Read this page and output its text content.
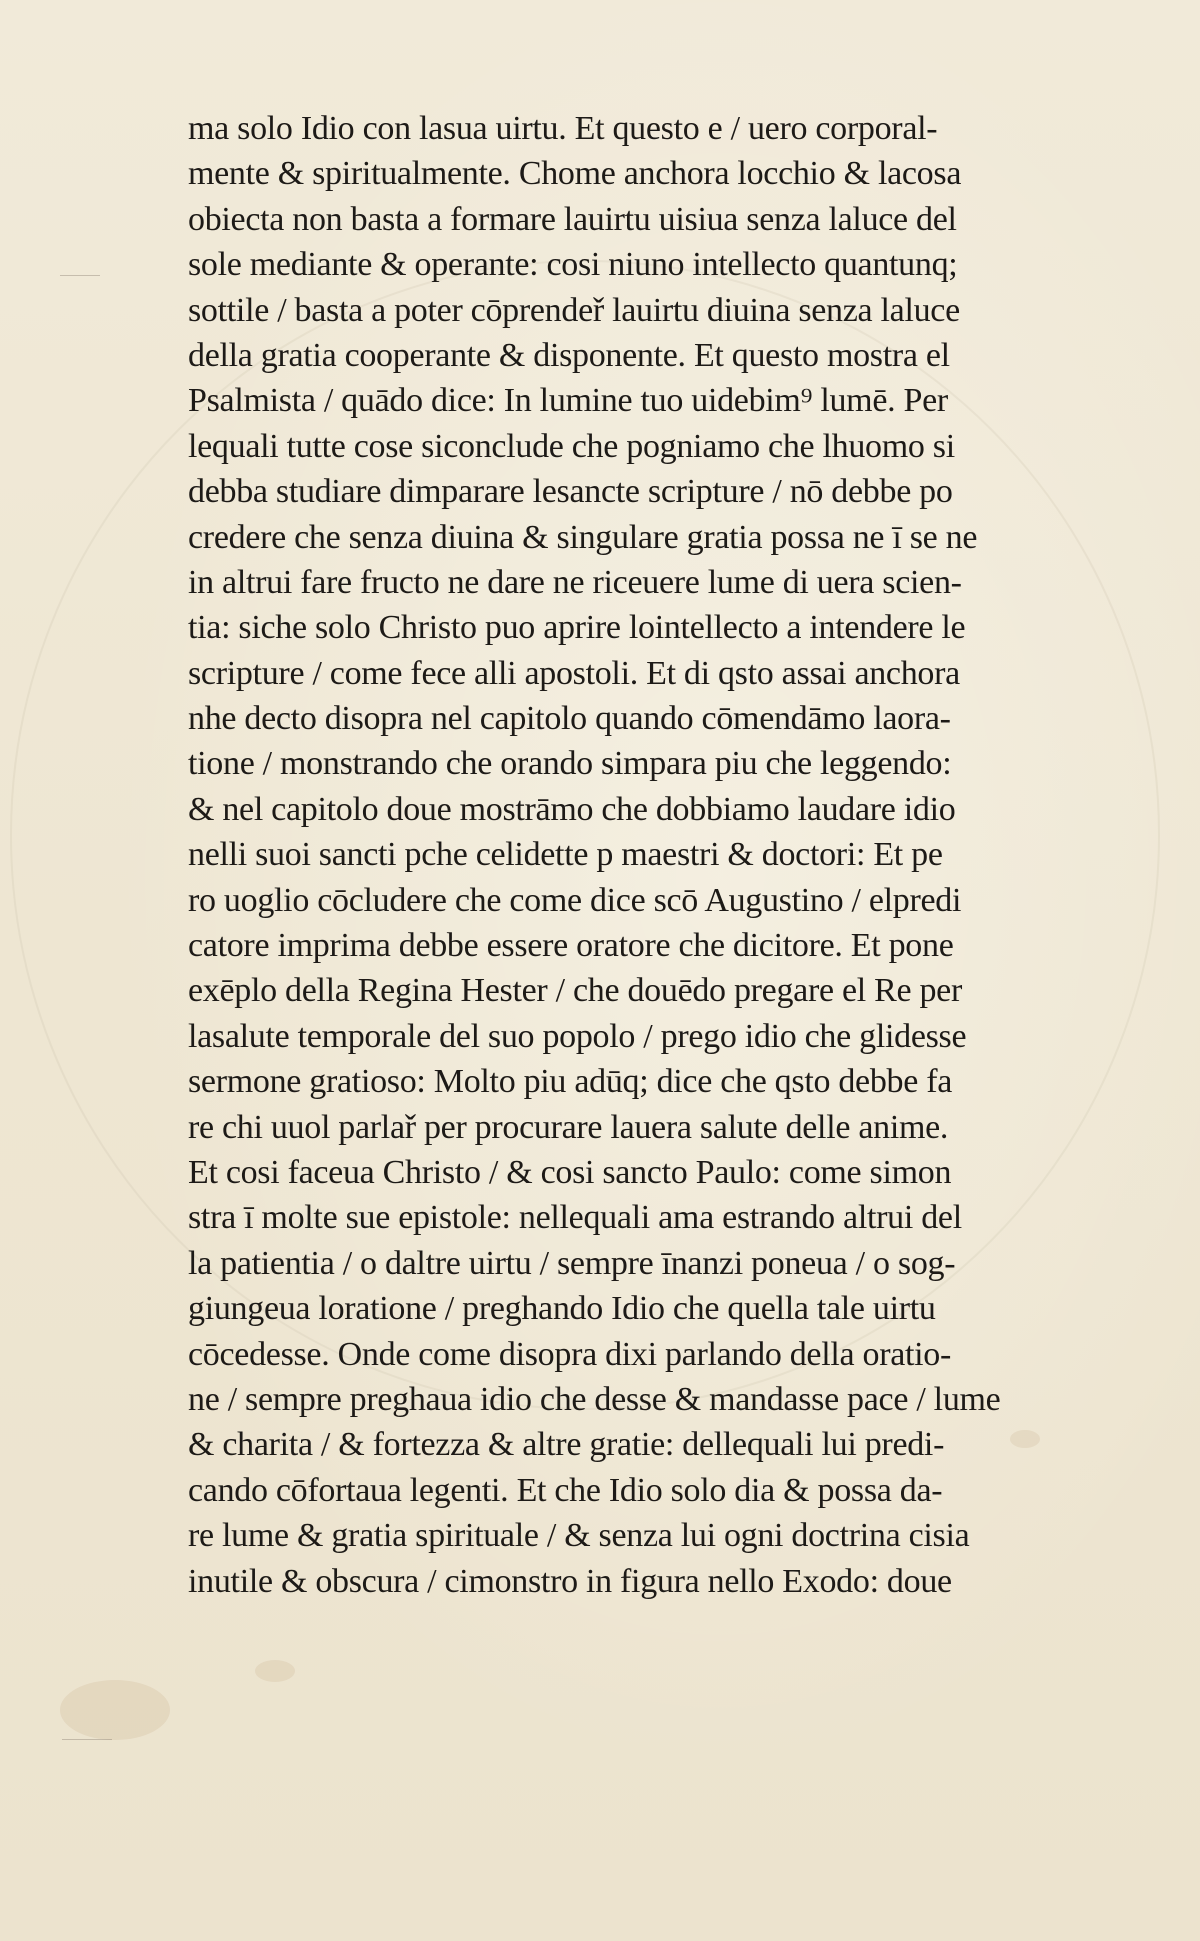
ma solo Idio con lasua uirtu. Et questo e / uero corporal-
mente & spiritualmente. Chome anchora locchio & lacosa
obiecta non basta a formare lauirtu uisiua senza laluce del
sole mediante & operante: cosi niuno intellecto quantunq;
sottile / basta a poter cōprendeř lauirtu diuina senza laluce
della gratia cooperante & disponente. Et questo mostra el
Psalmista / quādo dice: In lumine tuo uidebim⁹ lumē. Per
lequali tutte cose siconclude che pogniamo che lhuomo si
debba studiare dimparare lesancte scripture / nō debbe po
credere che senza diuina & singulare gratia possa ne ī se ne
in altrui fare fructo ne dare ne riceuere lume di uera scien-
tia: siche solo Christo puo aprire lointellecto a intendere le
scripture / come fece alli apostoli. Et di qsto assai anchora
nhe decto disopra nel capitolo quando cōmendāmo laora-
tione / monstrando che orando simpara piu che leggendo:
& nel capitolo doue mostrāmo che dobbiamo laudare idio
nelli suoi sancti pche celidette p maestri & doctori: Et pe
ro uoglio cōcludere che come dice scō Augustino / elpredi
catore imprima debbe essere oratore che dicitore. Et pone
exēplo della Regina Hester / che douēdo pregare el Re per
lasalute temporale del suo popolo / prego idio che glidesse
sermone gratioso: Molto piu adūq; dice che qsto debbe fa
re chi uuol parlař per procurare lauera salute delle anime.
Et cosi faceua Christo / & cosi sancto Paulo: come simon
stra ī molte sue epistole: nellequali ama estrando altrui del
la patientia / o daltre uirtu / sempre īnanzi poneua / o sog-
giungeua loratione / preghando Idio che quella tale uirtu
cōcedesse. Onde come disopra dixi parlando della oratio-
ne / sempre preghaua idio che desse & mandasse pace / lume
& charita / & fortezza & altre gratie: dellequali lui predi-
cando cōfortaua legenti. Et che Idio solo dia & possa da-
re lume & gratia spirituale / & senza lui ogni doctrina cisia
inutile & obscura / cimonstro in figura nello Exodo: doue
